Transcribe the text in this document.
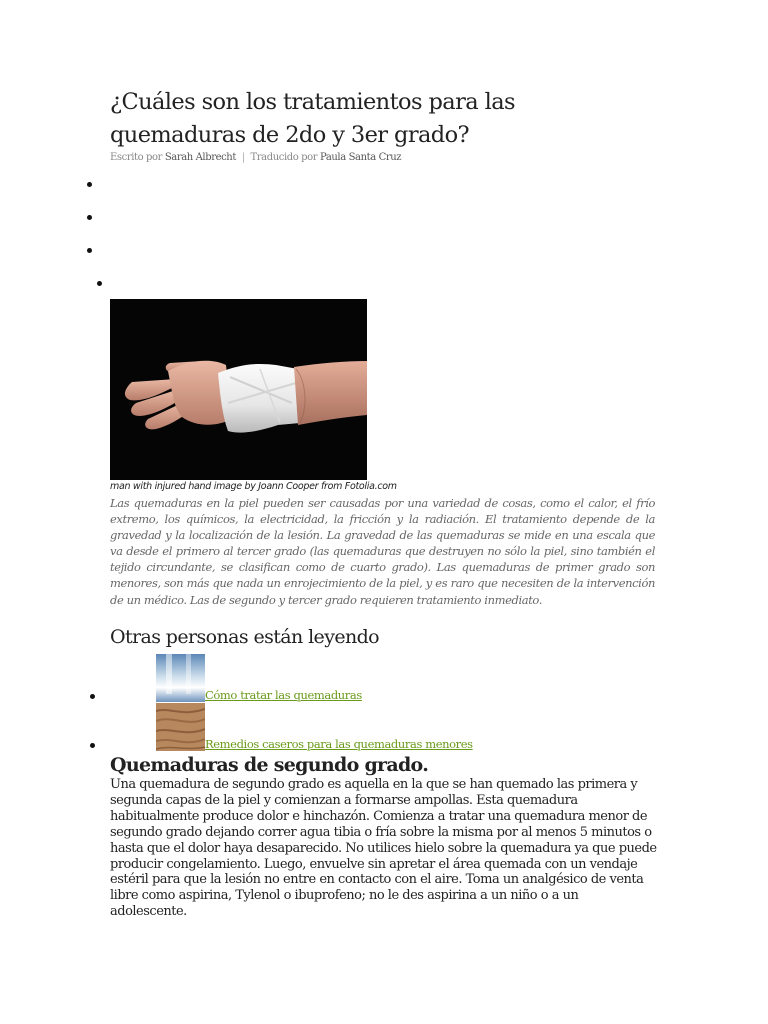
¿Cuáles son los tratamientos para las quemaduras de 2do y 3er grado?

Escrito por Sarah Albrecht | Traducido por Paula Santa Cruz

man with injured hand image by Joann Cooper from Fotolia.com

Las quemaduras en la piel pueden ser causadas por una variedad de cosas, como el calor, el frío extremo, los químicos, la electricidad, la fricción y la radiación. El tratamiento depende de la gravedad y la localización de la lesión. La gravedad de las quemaduras se mide en una escala que va desde el primero al tercer grado (las quemaduras que destruyen no sólo la piel, sino también el tejido circundante, se clasifican como de cuarto grado). Las quemaduras de primer grado son menores, son más que nada un enrojecimiento de la piel, y es raro que necesiten de la intervención de un médico. Las de segundo y tercer grado requieren tratamiento inmediato.

Otras personas están leyendo
Cómo tratar las quemaduras
Remedios caseros para las quemaduras menores
Quemaduras de segundo grado.

Una quemadura de segundo grado es aquella en la que se han quemado las primera y segunda capas de la piel y comienzan a formarse ampollas. Esta quemadura habitualmente produce dolor e hinchazón. Comienza a tratar una quemadura menor de segundo grado dejando correr agua tibia o fría sobre la misma por al menos 5 minutos o hasta que el dolor haya desaparecido. No utilices hielo sobre la quemadura ya que puede producir congelamiento. Luego, envuelve sin apretar el área quemada con un vendaje estéril para que la lesión no entre en contacto con el aire. Toma un analgésico de venta libre como aspirina, Tylenol o ibuprofeno; no le des aspirina a un niño o a un adolescente.
